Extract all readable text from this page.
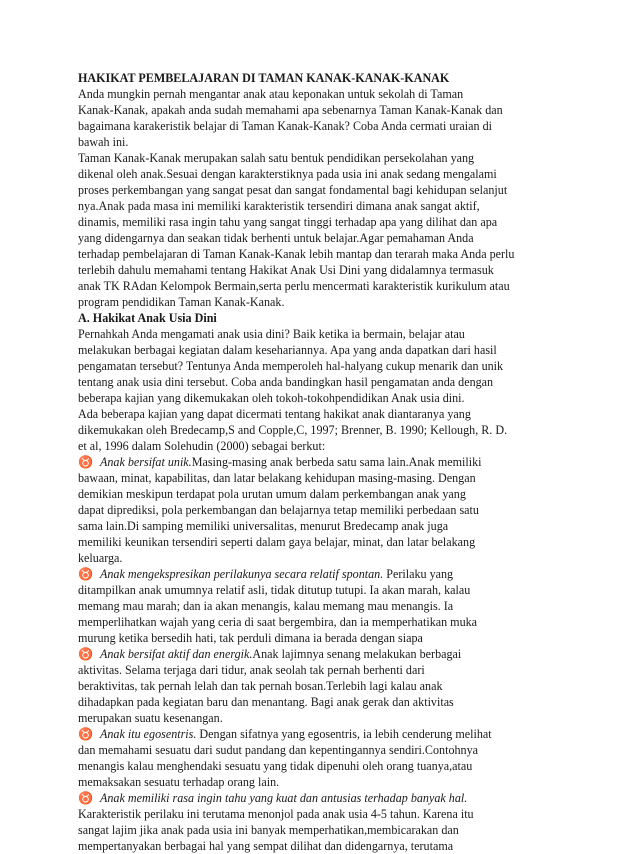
HAKIKAT PEMBELAJARAN DI TAMAN KANAK-KANAK-KANAK
Anda mungkin pernah mengantar anak atau keponakan untuk sekolah di Taman
Kanak-Kanak, apakah anda sudah memahami apa sebenarnya Taman Kanak-Kanak dan
bagaimana karakeristik belajar di Taman Kanak-Kanak? Coba Anda cermati uraian di
bawah ini.
Taman Kanak-Kanak merupakan salah satu bentuk pendidikan persekolahan yang
dikenal oleh anak.Sesuai dengan karakterstiknya pada usia ini anak sedang mengalami
proses perkembangan yang sangat pesat dan sangat fondamental bagi kehidupan selanjut
nya.Anak pada masa ini memiliki karakteristik tersendiri dimana anak sangat aktif,
dinamis, memiliki rasa ingin tahu yang sangat tinggi terhadap apa yang dilihat dan apa
yang didengarnya dan seakan tidak berhenti untuk belajar.Agar pemahaman Anda
terhadap pembelajaran di Taman Kanak-Kanak lebih mantap dan terarah maka Anda perlu
terlebih dahulu memahami tentang Hakikat Anak Usi Dini yang didalamnya termasuk
anak TK RAdan Kelompok Bermain,serta perlu mencermati karakteristik kurikulum atau
program pendidikan Taman Kanak-Kanak.
A. Hakikat Anak Usia Dini
Pernahkah Anda mengamati anak usia dini? Baik ketika ia bermain, belajar atau
melakukan berbagai kegiatan dalam kesehariannya. Apa yang anda dapatkan dari hasil
pengamatan tersebut? Tentunya Anda memperoleh hal-halyang cukup menarik dan unik
tentang anak usia dini tersebut. Coba anda bandingkan hasil pengamatan anda dengan
beberapa kajian yang dikemukakan oleh tokoh-tokohpendidikan Anak usia dini.
Ada beberapa kajian yang dapat dicermati tentang hakikat anak diantaranya yang
dikemukakan oleh Bredecamp,S and Copple,C, 1997; Brenner, B. 1990; Kellough, R. D.
et al, 1996 dalam Solehudin (2000) sebagai berkut:
♉ Anak bersifat unik.Masing-masing anak berbeda satu sama lain.Anak memiliki
bawaan, minat, kapabilitas, dan latar belakang kehidupan masing-masing. Dengan
demikian meskipun terdapat pola urutan umum dalam perkembangan anak yang
dapat diprediksi, pola perkembangan dan belajarnya tetap memiliki perbedaan satu
sama lain.Di samping memiliki universalitas, menurut Bredecamp anak juga
memiliki keunikan tersendiri seperti dalam gaya belajar, minat, dan latar belakang
keluarga.
♉ Anak mengekspresikan perilakunya secara relatif spontan. Perilaku yang
ditampilkan anak umumnya relatif asli, tidak ditutup tutupi. Ia akan marah, kalau
memang mau marah; dan ia akan menangis, kalau memang mau menangis. Ia
memperlihatkan wajah yang ceria di saat bergembira, dan ia memperhatikan muka
murung ketika bersedih hati, tak perduli dimana ia berada dengan siapa
♉ Anak bersifat aktif dan energik.Anak lajimnya senang melakukan berbagai
aktivitas. Selama terjaga dari tidur, anak seolah tak pernah berhenti dari
beraktivitas, tak pernah lelah dan tak pernah bosan.Terlebih lagi kalau anak
dihadapkan pada kegiatan baru dan menantang. Bagi anak gerak dan aktivitas
merupakan suatu kesenangan.
♉ Anak itu egosentris. Dengan sifatnya yang egosentris, ia lebih cenderung melihat
dan memahami sesuatu dari sudut pandang dan kepentingannya sendiri.Contohnya
menangis kalau menghendaki sesuatu yang tidak dipenuhi oleh orang tuanya,atau
memaksakan sesuatu terhadap orang lain.
♉ Anak memiliki rasa ingin tahu yang kuat dan antusias terhadap banyak hal.
Karakteristik perilaku ini terutama menonjol pada anak usia 4-5 tahun. Karena itu
sangat lajim jika anak pada usia ini banyak memperhatikan,membicarakan dan
mempertanyakan berbagai hal yang sempat dilihat dan didengarnya, terutama
